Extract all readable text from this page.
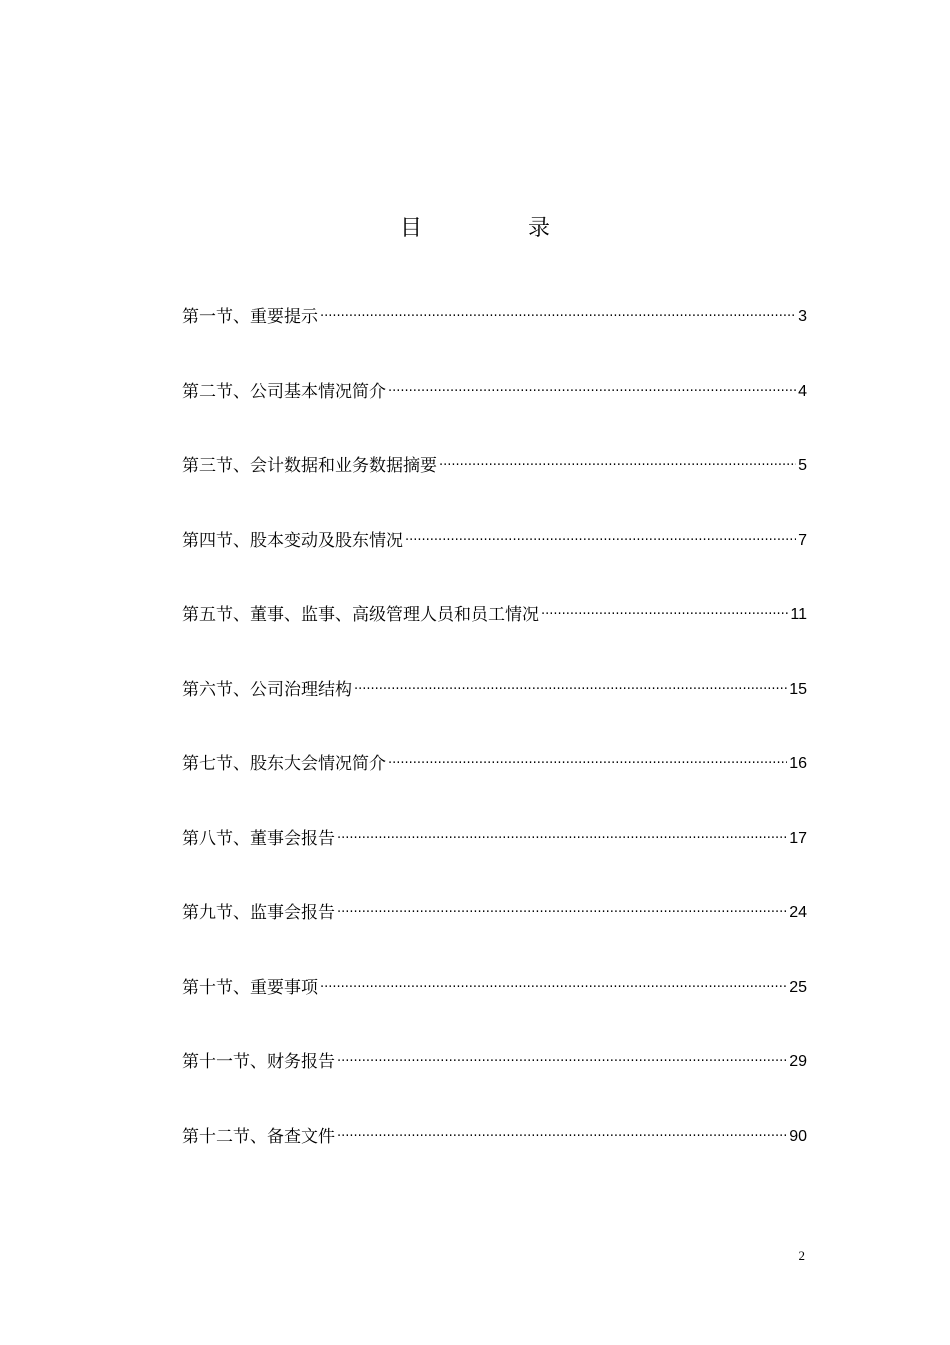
目　录
第一节、重要提示 ·····	3
第二节、公司基本情况简介 ·····	4
第三节、会计数据和业务数据摘要 ·····	5
第四节、股本变动及股东情况 ·····	7
第五节、董事、监事、高级管理人员和员工情况 ·····	11
第六节、公司治理结构 ·····	15
第七节、股东大会情况简介 ·····	16
第八节、董事会报告 ·····	17
第九节、监事会报告 ·····	24
第十节、重要事项 ·····	25
第十一节、财务报告 ·····	29
第十二节、备查文件 ·····	90
2
